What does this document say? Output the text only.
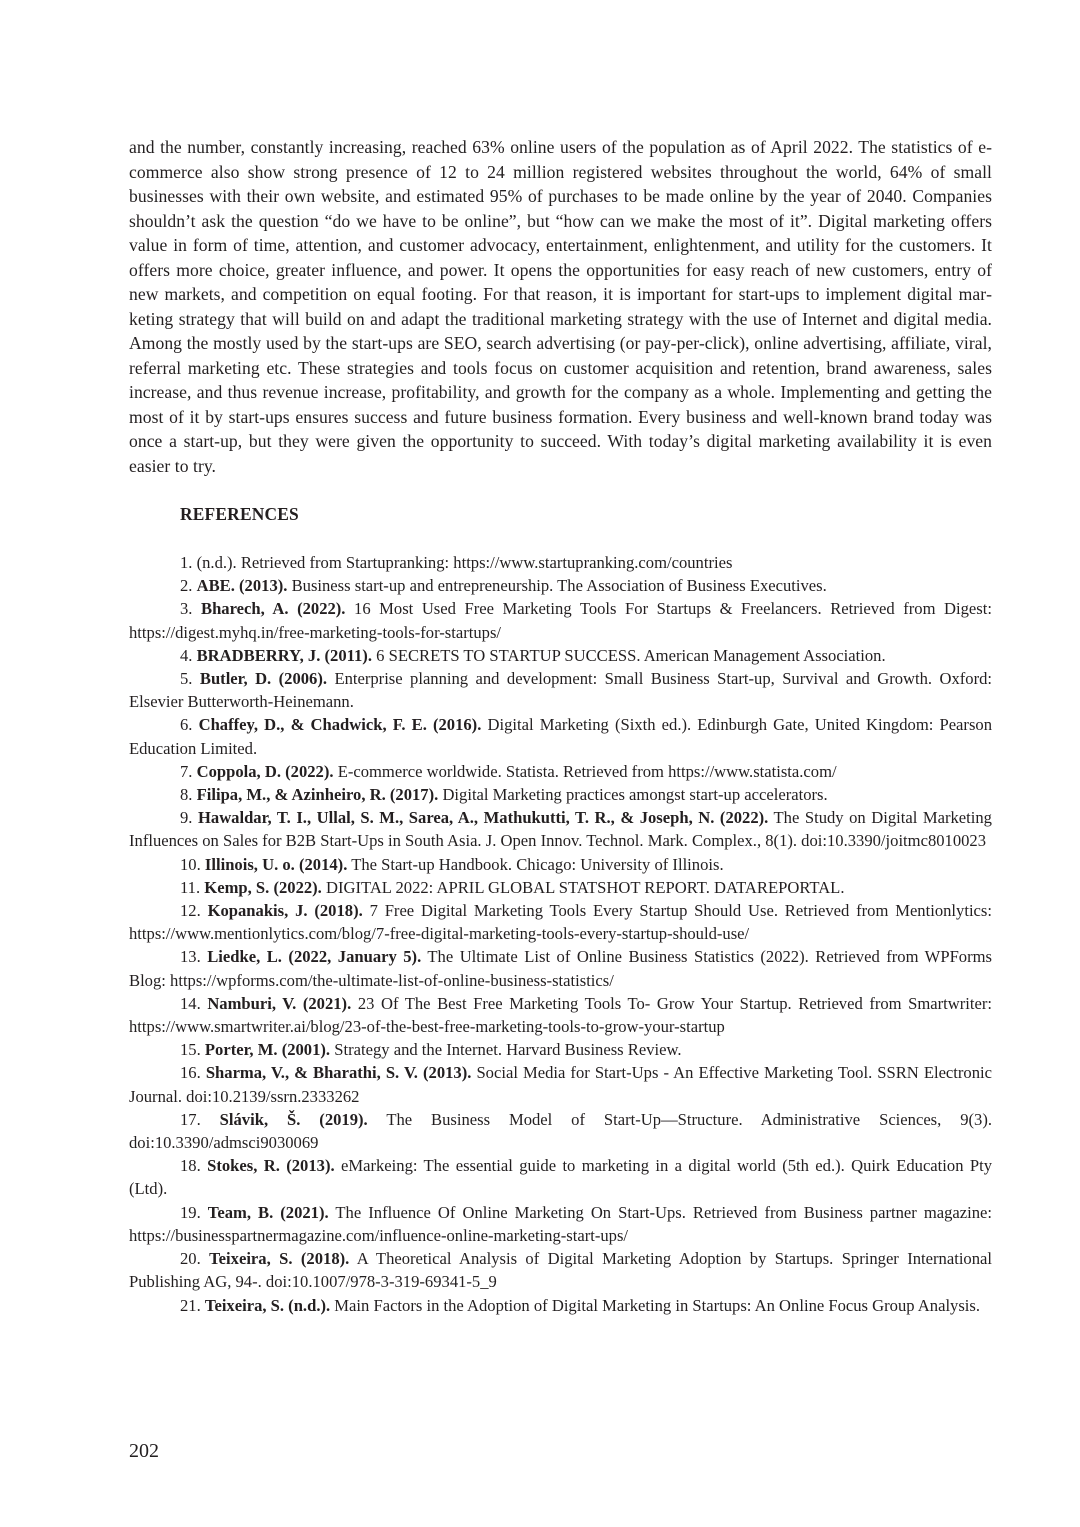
and the number, constantly increasing, reached 63% online users of the population as of April 2022. The statistics of e-commerce also show strong presence of 12 to 24 million registered websites throughout the world, 64% of small businesses with their own website, and estimated 95% of purchases to be made online by the year of 2040. Companies shouldn’t ask the question “do we have to be online”, but “how can we make the most of it”. Digital marketing offers value in form of time, attention, and customer advocacy, entertainment, enlightenment, and utility for the customers. It offers more choice, greater influence, and power. It opens the opportunities for easy reach of new customers, entry of new markets, and competition on equal footing. For that reason, it is important for start-ups to implement digital marketing strategy that will build on and adapt the traditional marketing strategy with the use of Internet and digital media. Among the mostly used by the start-ups are SEO, search advertising (or pay-per-click), online advertising, affiliate, viral, referral marketing etc. These strategies and tools focus on customer acquisition and retention, brand awareness, sales increase, and thus revenue increase, profitability, and growth for the company as a whole. Implementing and getting the most of it by start-ups ensures success and future business formation. Every business and well-known brand today was once a start-up, but they were given the opportunity to succeed. With today’s digital marketing availability it is even easier to try.

REFERENCES

1. (n.d.). Retrieved from Startupranking: https://www.startupranking.com/countries

2. ABE. (2013). Business start-up and entrepreneurship. The Association of Business Executives.

3. Bharech, A. (2022). 16 Most Used Free Marketing Tools For Startups & Freelancers. Retrieved from Digest: https://digest.myhq.in/free-marketing-tools-for-startups/

4. BRADBERRY, J. (2011). 6 SECRETS TO STARTUP SUCCESS. American Management Association.

5. Butler, D. (2006). Enterprise planning and development: Small Business Start-up, Survival and Growth. Oxford: Elsevier Butterworth-Heinemann.

6. Chaffey, D., & Chadwick, F. E. (2016). Digital Marketing (Sixth ed.). Edinburgh Gate, United Kingdom: Pearson Education Limited.

7. Coppola, D. (2022). E-commerce worldwide. Statista. Retrieved from https://www.statista.com/

8. Filipa, M., & Azinheiro, R. (2017). Digital Marketing practices amongst start-up accelerators.

9. Hawaldar, T. I., Ullal, S. M., Sarea, A., Mathukutti, T. R., & Joseph, N. (2022). The Study on Digital Marketing Influences on Sales for B2B Start-Ups in South Asia. J. Open Innov. Technol. Mark. Complex., 8(1). doi:10.3390/joitmc8010023

10. Illinois, U. o. (2014). The Start-up Handbook. Chicago: University of Illinois.

11. Kemp, S. (2022). DIGITAL 2022: APRIL GLOBAL STATSHOT REPORT. DATAREPORTAL.

12. Kopanakis, J. (2018). 7 Free Digital Marketing Tools Every Startup Should Use. Retrieved from Mentionlytics: https://www.mentionlytics.com/blog/7-free-digital-marketing-tools-every-startup-should-use/

13. Liedke, L. (2022, January 5). The Ultimate List of Online Business Statistics (2022). Retrieved from WPForms Blog: https://wpforms.com/the-ultimate-list-of-online-business-statistics/

14. Namburi, V. (2021). 23 Of The Best Free Marketing Tools To- Grow Your Startup. Retrieved from Smartwriter: https://www.smartwriter.ai/blog/23-of-the-best-free-marketing-tools-to-grow-your-startup

15. Porter, M. (2001). Strategy and the Internet. Harvard Business Review.

16. Sharma, V., & Bharathi, S. V. (2013). Social Media for Start-Ups - An Effective Marketing Tool. SSRN Electronic Journal. doi:10.2139/ssrn.2333262

17. Slávik, Š. (2019). The Business Model of Start-Up—Structure. Administrative Sciences, 9(3). doi:10.3390/admsci9030069

18. Stokes, R. (2013). eMarkeing: The essential guide to marketing in a digital world (5th ed.). Quirk Education Pty (Ltd).

19. Team, B. (2021). The Influence Of Online Marketing On Start-Ups. Retrieved from Business partner magazine: https://businesspartnermagazine.com/influence-online-marketing-start-ups/

20. Teixeira, S. (2018). A Theoretical Analysis of Digital Marketing Adoption by Startups. Springer International Publishing AG, 94-. doi:10.1007/978-3-319-69341-5_9

21. Teixeira, S. (n.d.). Main Factors in the Adoption of Digital Marketing in Startups: An Online Focus Group Analysis.

202
